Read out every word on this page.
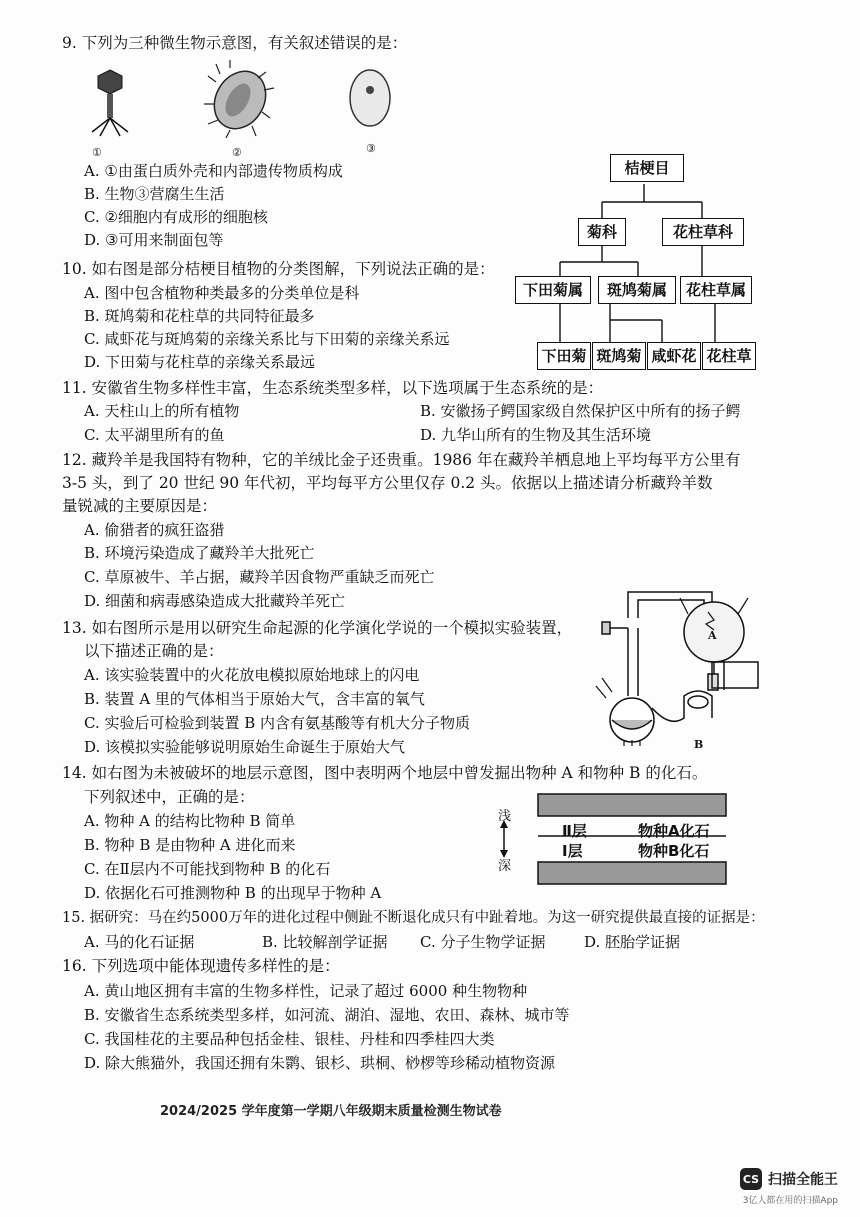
9. 下列为三种微生物示意图，有关叙述错误的是：
①	②	③
A. ①由蛋白质外壳和内部遗传物质构成
B. 生物③营腐生生活
C. ②细胞内有成形的细胞核
D. ③可用来制面包等
桔梗目
菊科	花柱草科
下田菊属	斑鸠菊属	花柱草属
下田菊 斑鸠菊 咸虾花 花柱草
10. 如右图是部分桔梗目植物的分类图解，下列说法正确的是：
A. 图中包含植物种类最多的分类单位是科
B. 斑鸠菊和花柱草的共同特征最多
C. 咸虾花与斑鸠菊的亲缘关系比与下田菊的亲缘关系远
D. 下田菊与花柱草的亲缘关系最远
11. 安徽省生物多样性丰富，生态系统类型多样，以下选项属于生态系统的是：
A. 天柱山上的所有植物	B. 安徽扬子鳄国家级自然保护区中所有的扬子鳄
C. 太平湖里所有的鱼	D. 九华山所有的生物及其生活环境
12. 藏羚羊是我国特有物种，它的羊绒比金子还贵重。1986 年在藏羚羊栖息地上平均每平方公里有
3-5 头，到了 20 世纪 90 年代初，平均每平方公里仅存 0.2 头。依据以上描述请分析藏羚羊数
量锐减的主要原因是：
A. 偷猎者的疯狂盗猎
B. 环境污染造成了藏羚羊大批死亡
C. 草原被牛、羊占据，藏羚羊因食物严重缺乏而死亡
D. 细菌和病毒感染造成大批藏羚羊死亡
A
B
13. 如右图所示是用以研究生命起源的化学演化学说的一个模拟实验装置，
以下描述正确的是：
A. 该实验装置中的火花放电模拟原始地球上的闪电
B. 装置 A 里的气体相当于原始大气，含丰富的氧气
C. 实验后可检验到装置 B 内含有氨基酸等有机大分子物质
D. 该模拟实验能够说明原始生命诞生于原始大气
14. 如右图为未被破坏的地层示意图，图中表明两个地层中曾发掘出物种 A 和物种 B 的化石。
下列叙述中，正确的是：
A. 物种 A 的结构比物种 B 简单
B. 物种 B 是由物种 A 进化而来
C. 在Ⅱ层内不可能找到物种 B 的化石
D. 依据化石可推测物种 B 的出现早于物种 A
浅
深
Ⅱ层	物种A化石
Ⅰ层	物种B化石
15. 据研究：马在约5000万年的进化过程中侧趾不断退化成只有中趾着地。为这一研究提供最直接的证据是：
A. 马的化石证据	B. 比较解剖学证据 C. 分子生物学证据	D. 胚胎学证据
16. 下列选项中能体现遗传多样性的是：
A. 黄山地区拥有丰富的生物多样性，记录了超过 6000 种生物物种
B. 安徽省生态系统类型多样，如河流、湖泊、湿地、农田、森林、城市等
C. 我国桂花的主要品种包括金桂、银桂、丹桂和四季桂四大类
D. 除大熊猫外，我国还拥有朱鹮、银杉、珙桐、桫椤等珍稀动植物资源
2024/2025 学年度第一学期八年级期末质量检测生物试卷
CS 扫描全能王
3亿人都在用的扫描App
